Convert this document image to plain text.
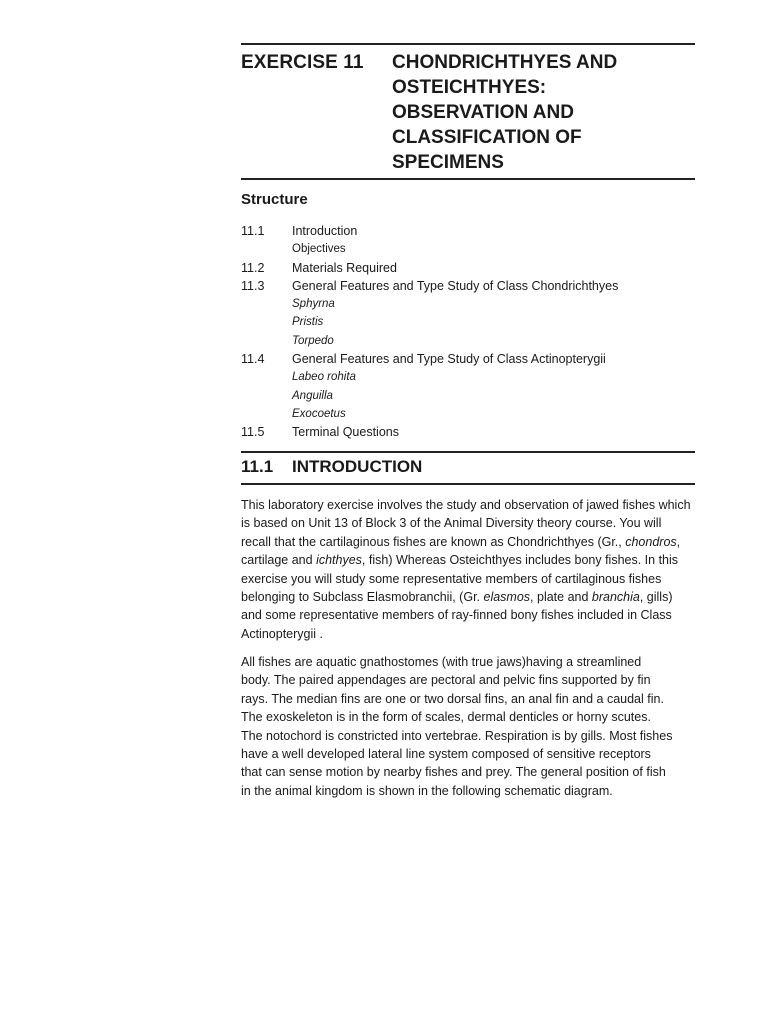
EXERCISE 11 CHONDRICHTHYES AND
OSTEICHTHYES:
OBSERVATION AND
CLASSIFICATION OF
SPECIMENS
Structure
11.1 Introduction
Objectives
11.2 Materials Required
11.3 General Features and Type Study of Class Chondrichthyes
Sphyrna
Pristis
Torpedo
11.4 General Features and Type Study of Class Actinopterygii
Labeo rohita
Anguilla
Exocoetus
11.5 Terminal Questions
11.1 INTRODUCTION
This laboratory exercise involves the study and observation of jawed fishes which
is based on Unit 13 of Block 3 of the Animal Diversity theory course. You will
recall that the cartilaginous fishes are known as Chondrichthyes (Gr., chondros,
cartilage and ichthyes, fish) Whereas Osteichthyes includes bony fishes. In this
exercise you will study some representative members of cartilaginous fishes
belonging to Subclass Elasmobranchii, (Gr. elasmos, plate and branchia, gills)
and some representative members of ray-finned bony fishes included in Class
Actinopterygii .
All fishes are aquatic gnathostomes (with true jaws)having a streamlined
body. The paired appendages are pectoral and pelvic fins supported by fin
rays. The median fins are one or two dorsal fins, an anal fin and a caudal fin.
The exoskeleton is in the form of scales, dermal denticles or horny scutes.
The notochord is constricted into vertebrae. Respiration is by gills. Most fishes
have a well developed lateral line system composed of sensitive receptors
that can sense motion by nearby fishes and prey. The general position of fish
in the animal kingdom is shown in the following schematic diagram.
